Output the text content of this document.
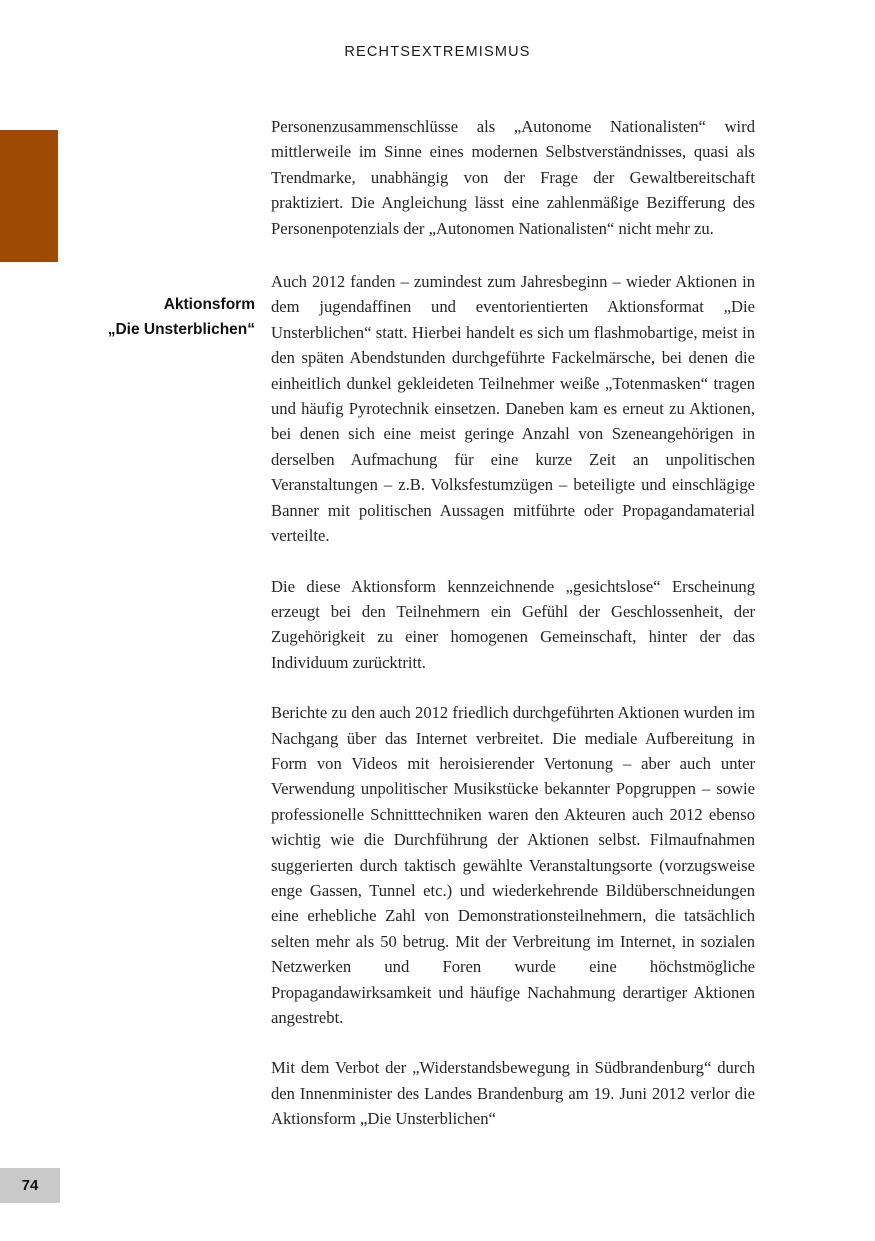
RECHTSEXTREMISMUS
Aktionsform
„Die Unsterblichen“

Personenzusammenschlüsse als „Autonome Nationalisten“ wird mittlerweile im Sinne eines modernen Selbstverständnisses, quasi als Trendmarke, unabhängig von der Frage der Gewaltbereitschaft praktiziert. Die Angleichung lässt eine zahlenmäßige Bezifferung des Personenpotenzials der „Autonomen Nationalisten“ nicht mehr zu.

Auch 2012 fanden – zumindest zum Jahresbeginn – wieder Aktionen in dem jugendaffinen und eventorientierten Aktionsformat „Die Unsterblichen“ statt. Hierbei handelt es sich um flashmobartige, meist in den späten Abendstunden durchgeführte Fackelmärsche, bei denen die einheitlich dunkel gekleideten Teilnehmer weiße „Totenmasken“ tragen und häufig Pyrotechnik einsetzen. Daneben kam es erneut zu Aktionen, bei denen sich eine meist geringe Anzahl von Szeneangehörigen in derselben Aufmachung für eine kurze Zeit an unpolitischen Veranstaltungen – z.B. Volksfestumzügen – beteiligte und einschlägige Banner mit politischen Aussagen mitführte oder Propagandamaterial verteilte.

Die diese Aktionsform kennzeichnende „gesichtslose“ Erscheinung erzeugt bei den Teilnehmern ein Gefühl der Geschlossenheit, der Zugehörigkeit zu einer homogenen Gemeinschaft, hinter der das Individuum zurücktritt.

Berichte zu den auch 2012 friedlich durchgeführten Aktionen wurden im Nachgang über das Internet verbreitet. Die mediale Aufbereitung in Form von Videos mit heroisierender Vertonung – aber auch unter Verwendung unpolitischer Musikstücke bekannter Popgruppen – sowie professionelle Schnitttechniken waren den Akteuren auch 2012 ebenso wichtig wie die Durchführung der Aktionen selbst. Filmaufnahmen suggerierten durch taktisch gewählte Veranstaltungsorte (vorzugsweise enge Gassen, Tunnel etc.) und wiederkehrende Bildüberschneidungen eine erhebliche Zahl von Demonstrationsteilnehmern, die tatsächlich selten mehr als 50 betrug. Mit der Verbreitung im Internet, in sozialen Netzwerken und Foren wurde eine höchstmögliche Propagandawirksamkeit und häufige Nachahmung derartiger Aktionen angestrebt.

Mit dem Verbot der „Widerstandsbewegung in Südbrandenburg“ durch den Innenminister des Landes Brandenburg am 19. Juni 2012 verlor die Aktionsform „Die Unsterblichen“

74
